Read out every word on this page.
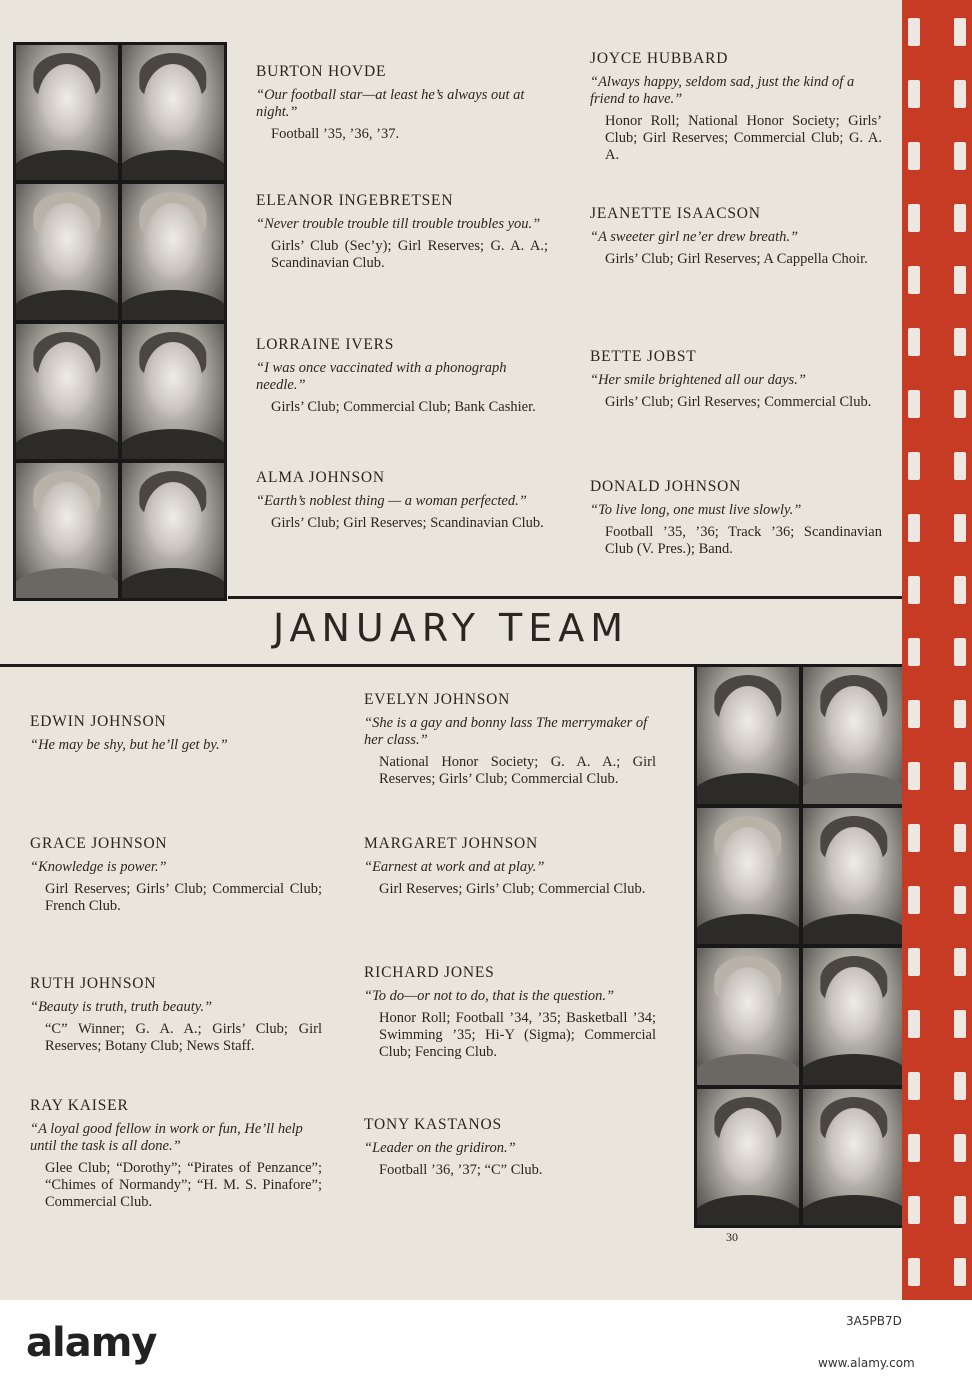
BURTON HOVDE

“Our football star—at least he’s always out at night.”

Football ’35, ’36, ’37.

ELEANOR INGEBRETSEN

“Never trouble trouble till trouble troubles you.”

Girls’ Club (Sec’y); Girl Reserves; G. A. A.; Scandinavian Club.

LORRAINE IVERS

“I was once vaccinated with a phonograph needle.”

Girls’ Club; Commercial Club; Bank Cashier.

ALMA JOHNSON

“Earth’s noblest thing — a woman perfected.”

Girls’ Club; Girl Reserves; Scandinavian Club.

JOYCE HUBBARD

“Always happy, seldom sad, just the kind of a friend to have.”

Honor Roll; National Honor Society; Girls’ Club; Girl Reserves; Commercial Club; G. A. A.

JEANETTE ISAACSON

“A sweeter girl ne’er drew breath.”

Girls’ Club; Girl Reserves; A Cappella Choir.

BETTE JOBST

“Her smile brightened all our days.”

Girls’ Club; Girl Reserves; Commercial Club.

DONALD JOHNSON

“To live long, one must live slowly.”

Football ’35, ’36; Track ’36; Scandinavian Club (V. Pres.); Band.

JANUARY TEAM

EDWIN JOHNSON

“He may be shy, but he’ll get by.”

GRACE JOHNSON

“Knowledge is power.”

Girl Reserves; Girls’ Club; Commercial Club; French Club.

RUTH JOHNSON

“Beauty is truth, truth beauty.”

“C” Winner; G. A. A.; Girls’ Club; Girl Reserves; Botany Club; News Staff.

RAY KAISER

“A loyal good fellow in work or fun, He’ll help until the task is all done.”

Glee Club; “Dorothy”; “Pirates of Penzance”; “Chimes of Normandy”; “H. M. S. Pinafore”; Commercial Club.

EVELYN JOHNSON

“She is a gay and bonny lass The merrymaker of her class.”

National Honor Society; G. A. A.; Girl Reserves; Girls’ Club; Commercial Club.

MARGARET JOHNSON

“Earnest at work and at play.”

Girl Reserves; Girls’ Club; Commercial Club.

RICHARD JONES

“To do—or not to do, that is the question.”

Honor Roll; Football ’34, ’35; Basketball ’34; Swimming ’35; Hi-Y (Sigma); Commercial Club; Fencing Club.

TONY KASTANOS

“Leader on the gridiron.”

Football ’36, ’37; “C” Club.

30
alamy	3A5PB7D
www.alamy.com
